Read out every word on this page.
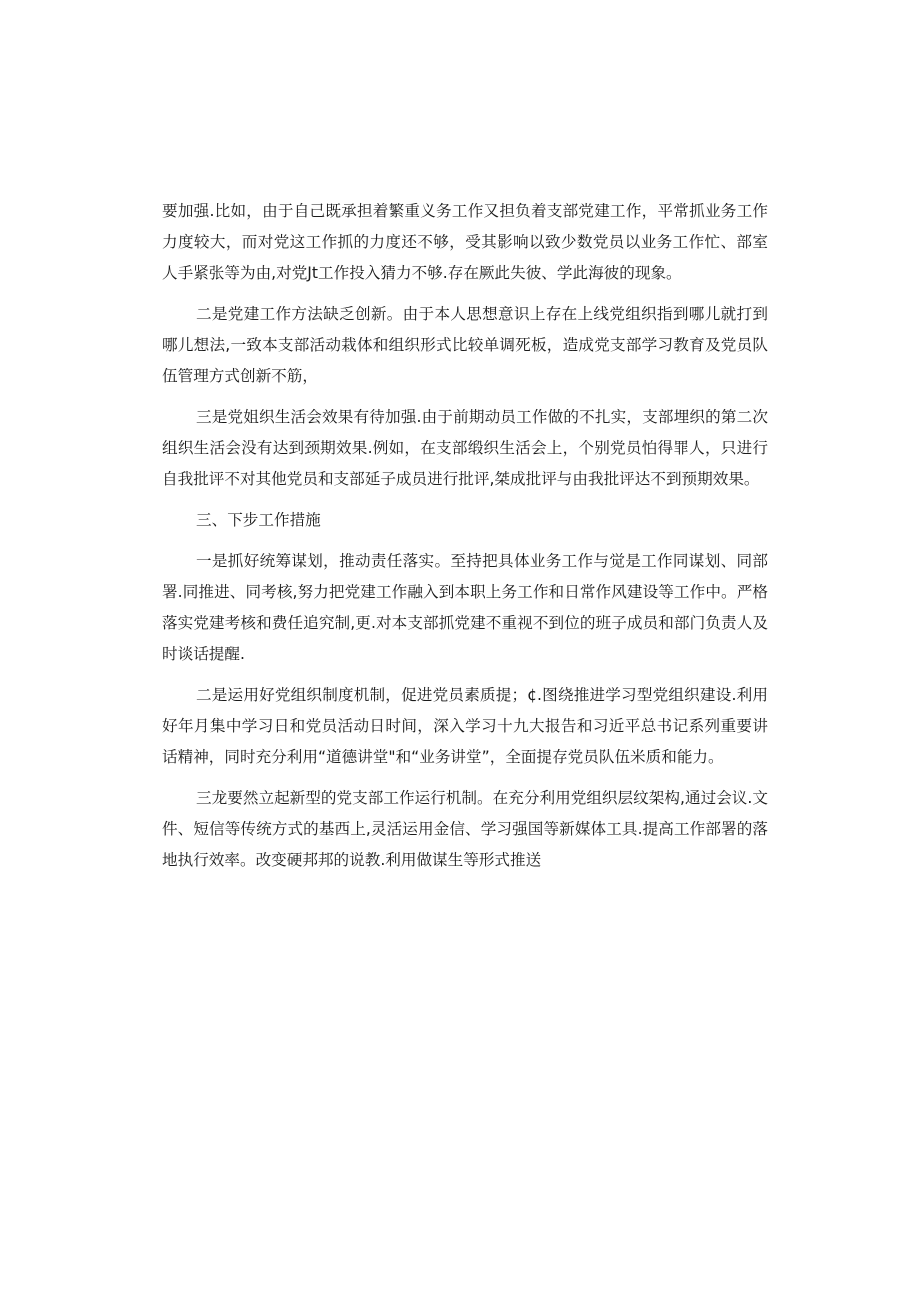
要加强.比如，由于自己既承担着繁重义务工作又担负着支部党建工作，平常抓业务工作力度较大，而对党这工作抓的力度还不够，受其影响以致少数党员以业务工作忙、部室人手紧张等为由,对党Jt工作投入猜力不够.存在厥此失彼、学此海彼的现象。

二是党建工作方法缺乏创新。由于本人思想意识上存在上线党组织指到哪儿就打到哪儿想法,一致本支部活动栽体和组织形式比较单调死板，造成党支部学习教育及党员队伍管理方式创新不筋，

三是党姐织生活会效果有待加强.由于前期动员工作做的不扎实，支部埋织的第二次组织生活会没有达到颈期效果.例如，在支部缎织生活会上，个别党员怕得罪人，只进行自我批评不对其他党员和支部延子成员进行批评,桀成批评与由我批评达不到预期效果。

三、下步工作措施

一是抓好统筹谋划，推动责任落实。至持把具体业务工作与觉是工作同谋划、同部署.同推进、同考核,努力把党建工作融入到本职上务工作和日常作风建设等工作中。严格落实党建考核和费任追究制,更.对本支部抓党建不重视不到位的班子成员和部门负责人及时谈话提醒.

二是运用好党组织制度机制，促进党员素质提；¢.图绕推进学习型党组织建设.利用好年月集中学习日和党员活动日时间，深入学习十九大报告和习近平总书记系列重要讲话精神，同时充分利用“道德讲堂"和“业务讲堂”，全面提存党员队伍米质和能力。

三龙要然立起新型的党支部工作运行机制。在充分利用党组织层纹架构,通过会议.文件、短信等传统方式的基西上,灵活运用金信、学习强国等新媒体工具.提高工作部署的落地执行效率。改变硬邦邦的说教.利用做谋生等形式推送
